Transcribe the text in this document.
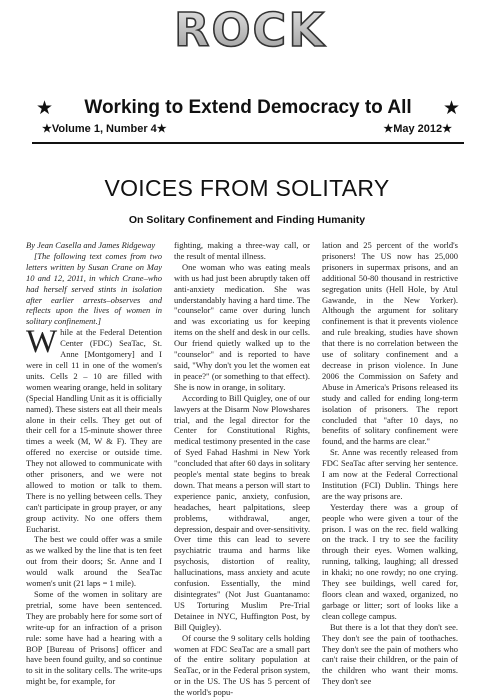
ROCK
★ Working to Extend Democracy to All ★
★Volume 1, Number 4★	★May 2012★
VOICES FROM SOLITARY
On Solitary Confinement and Finding Humanity

By Jean Casella and James Ridgeway

[The following text comes from two letters written by Susan Crane on May 10 and 12, 2011, in which Crane–who had herself served stints in isolation after earlier arrests–observes and reflects upon the lives of women in solitary confinement.]

While at the Federal Detention Center (FDC) SeaTac, St. Anne [Montgomery] and I were in cell 11 in one of the women's units. Cells 2 – 10 are filled with women wearing orange, held in solitary (Special Handling Unit as it is officially named). These sisters eat all their meals alone in their cells. They get out of their cell for a 15-minute shower three times a week (M, W & F). They are offered no exercise or outside time. They not allowed to communicate with other prisoners, and we were not allowed to motion or talk to them. There is no yelling between cells. They can't participate in group prayer, or any group activity. No one offers them Eucharist.

The best we could offer was a smile as we walked by the line that is ten feet out from their doors; Sr. Anne and I would walk around the SeaTac women's unit (21 laps = 1 mile).

Some of the women in solitary are pretrial, some have been sentenced. They are probably here for some sort of write-up for an infraction of a prison rule: some have had a hearing with a BOP [Bureau of Prisons] officer and have been found guilty, and so continue to sit in the solitary cells. The write-ups might be, for example, for

fighting, making a three-way call, or the result of mental illness.

One woman who was eating meals with us had just been abruptly taken off anti-anxiety medication. She was understandably having a hard time. The "counselor" came over during lunch and was excoriating us for keeping items on the shelf and desk in our cells. Our friend quietly walked up to the "counselor" and is reported to have said, "Why don't you let the women eat in peace?" (or something to that effect). She is now in orange, in solitary.

According to Bill Quigley, one of our lawyers at the Disarm Now Plowshares trial, and the legal director for the Center for Constitutional Rights, medical testimony presented in the case of Syed Fahad Hashmi in New York "concluded that after 60 days in solitary people's mental state begins to break down. That means a person will start to experience panic, anxiety, confusion, headaches, heart palpitations, sleep problems, withdrawal, anger, depression, despair and over-sensitivity. Over time this can lead to severe psychiatric trauma and harms like psychosis, distortion of reality, hallucinations, mass anxiety and acute confusion. Essentially, the mind disintegrates" (Not Just Guantanamo: US Torturing Muslim Pre-Trial Detainee in NYC, Huffington Post, by Bill Quigley).

Of course the 9 solitary cells holding women at FDC SeaTac are a small part of the entire solitary population at SeaTac, or in the Federal prison system, or in the US. The US has 5 percent of the world's popu-

lation and 25 percent of the world's prisoners! The US now has 25,000 prisoners in supermax prisons, and an additional 50-80 thousand in restrictive segregation units (Hell Hole, by Atul Gawande, in the New Yorker). Although the argument for solitary confinement is that it prevents violence and rule breaking, studies have shown that there is no correlation between the use of solitary confinement and a decrease in prison violence. In June 2006 the Commission on Safety and Abuse in America's Prisons released its study and called for ending long-term isolation of prisoners. The report concluded that "after 10 days, no benefits of solitary confinement were found, and the harms are clear."

Sr. Anne was recently released from FDC SeaTac after serving her sentence. I am now at the Federal Correctional Institution (FCI) Dublin. Things here are the way prisons are.

Yesterday there was a group of people who were given a tour of the prison. I was on the rec. field walking on the track. I try to see the facility through their eyes. Women walking, running, talking, laughing; all dressed in khaki; no one rowdy; no one crying. They see buildings, well cared for, floors clean and waxed, organized, no garbage or litter; sort of looks like a clean college campus.

But there is a lot that they don't see. They don't see the pain of toothaches. They don't see the pain of mothers who can't raise their children, or the pain of the children who want their moms. They don't see
